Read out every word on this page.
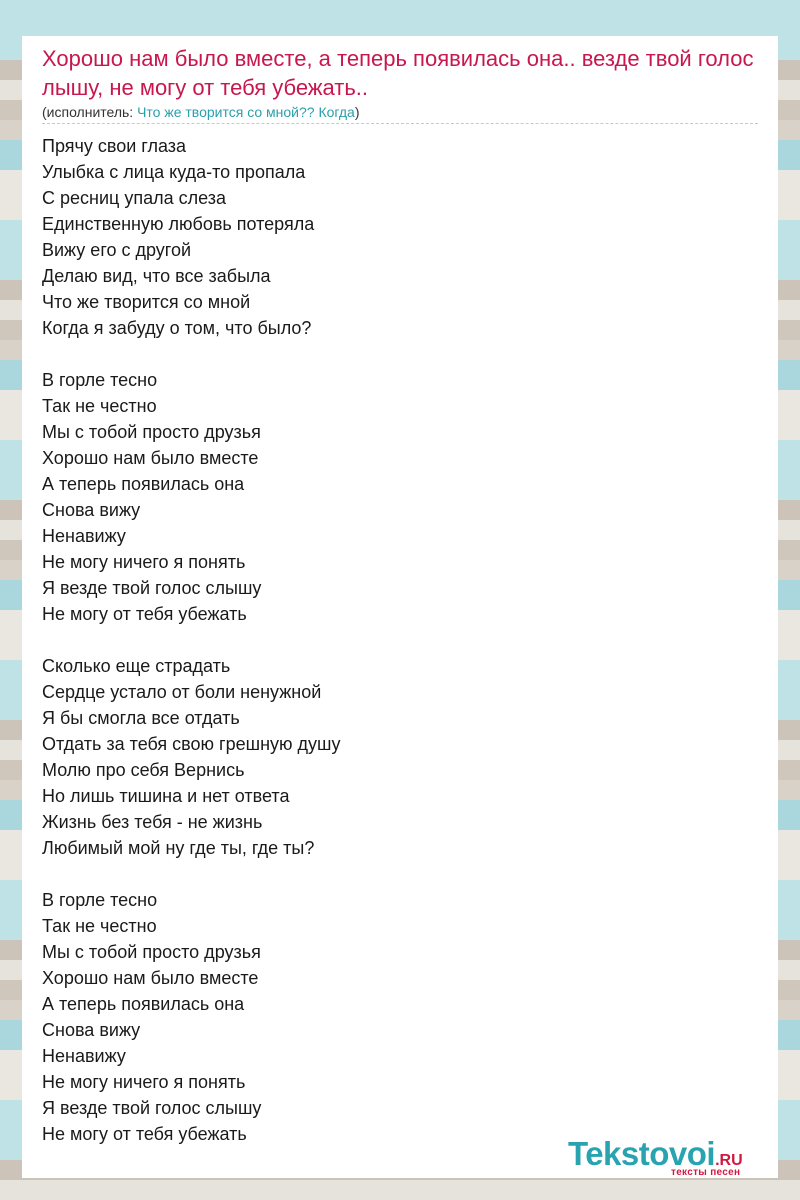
Хорошо нам было вместе, а теперь появилась она.. везде твой голос лышу, не могу от тебя убежать..
(исполнитель: Что же творится со мной?? Когда)
Прячу свои глаза
Улыбка с лица куда-то пропала
С ресниц упала слеза
Единственную любовь потеряла
Вижу его с другой
Делаю вид, что все забыла
Что же творится со мной
Когда я забуду о том, что было?
В горле тесно
Так не честно
Мы с тобой просто друзья
Хорошо нам было вместе
А теперь появилась она
Снова вижу
Ненавижу
Не могу ничего я понять
Я везде твой голос слышу
Не могу от тебя убежать
Сколько еще страдать
Сердце устало от боли ненужной
Я бы смогла все отдать
Отдать за тебя свою грешную душу
Молю про себя Вернись
Но лишь тишина и нет ответа
Жизнь без тебя - не жизнь
Любимый мой ну где ты, где ты?
В горле тесно
Так не честно
Мы с тобой просто друзья
Хорошо нам было вместе
А теперь появилась она
Снова вижу
Ненавижу
Не могу ничего я понять
Я везде твой голос слышу
Не могу от тебя убежать
Tekstovoi.RU
тексты песен
